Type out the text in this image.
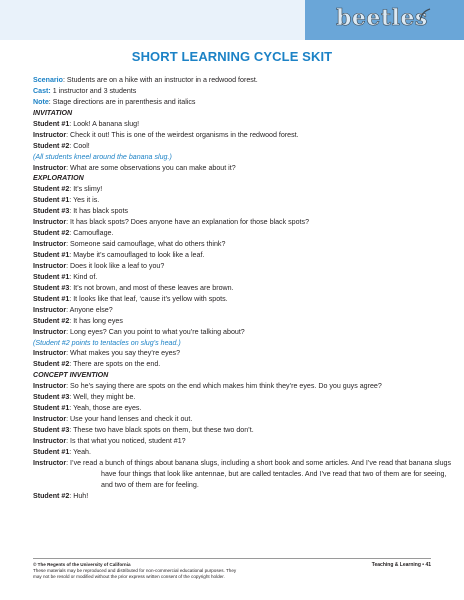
beetles
SHORT LEARNING CYCLE SKIT
Scenario: Students are on a hike with an instructor in a redwood forest.
Cast: 1 instructor and 3 students
Note: Stage directions are in parenthesis and italics
INVITATION
Student #1: Look! A banana slug!
Instructor: Check it out! This is one of the weirdest organisms in the redwood forest.
Student #2: Cool!
(All students kneel around the banana slug.)
Instructor: What are some observations you can make about it?
EXPLORATION
Student #2: It’s slimy!
Student #1: Yes it is.
Student #3: It has black spots
Instructor: It has black spots? Does anyone have an explanation for those black spots?
Student #2: Camouflage.
Instructor: Someone said camouflage, what do others think?
Student #1: Maybe it’s camouflaged to look like a leaf.
Instructor: Does it look like a leaf to you?
Student #1: Kind of.
Student #3: It’s not brown, and most of these leaves are brown.
Student #1: It looks like that leaf, ‘cause it’s yellow with spots.
Instructor: Anyone else?
Student #2: It has long eyes
Instructor: Long eyes? Can you point to what you’re talking about?
(Student #2 points to tentacles on slug’s head.)
Instructor: What makes you say they’re eyes?
Student #2: There are spots on the end.
CONCEPT INVENTION
Instructor: So he’s saying there are spots on the end which makes him think they’re eyes. Do you guys agree?
Student #3: Well, they might be.
Student #1: Yeah, those are eyes.
Instructor: Use your hand lenses and check it out.
Student #3: These two have black spots on them, but these two don’t.
Instructor: Is that what you noticed, student #1?
Student #1: Yeah.
Instructor: I’ve read a bunch of things about banana slugs, including a short book and some articles. And I’ve read that banana slugs have four things that look like antennae, but are called tentacles. And I’ve read that two of them are for seeing, and two of them are for feeling.
Student #2: Huh!
© The Regents of the University of California
These materials may be reproduced and distributed for non-commercial educational purposes. They
may not be resold or modified without the prior express written consent of the copyright holder.
Teaching & Learning • 41
